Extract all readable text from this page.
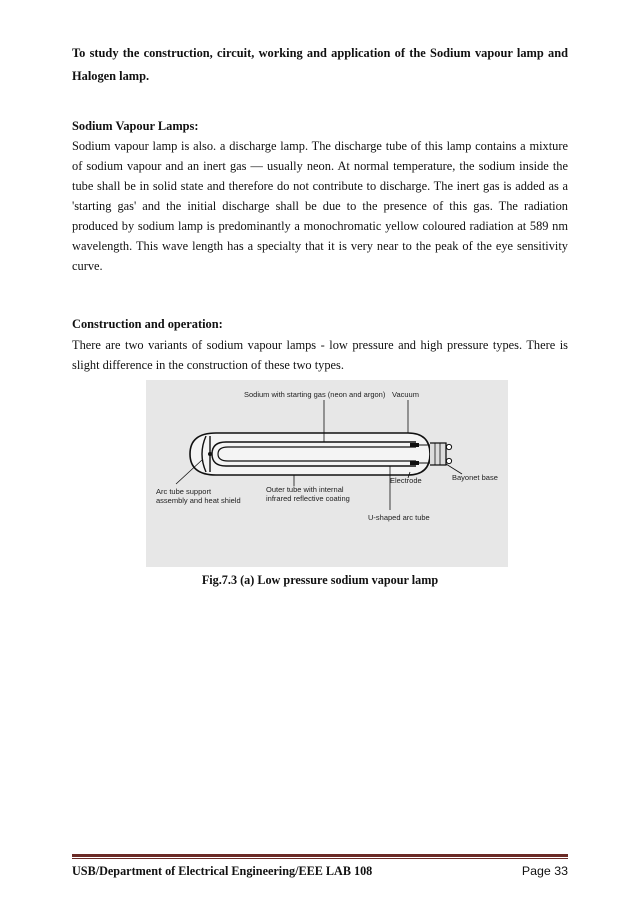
To study the construction, circuit, working and application of the Sodium vapour lamp and

Halogen lamp.

Sodium Vapour Lamps:

Sodium vapour lamp is also. a discharge lamp. The discharge tube of this lamp contains a mixture
of sodium vapour and an inert gas — usually neon. At normal temperature, the sodium inside the
tube shall be in solid state and therefore do not contribute to discharge. The inert gas is added as a
'starting gas' and the initial discharge shall be due to the presence of this gas. The radiation
produced by sodium lamp is predominantly a monochromatic yellow coloured radiation at 589 nm
wavelength. This wave length has a specialty that it is very near to the peak of the eye sensitivity
curve.

Construction and operation:

There are two variants of sodium vapour lamps - low pressure and high pressure types. There is
slight difference in the construction of these two types.
Sodium with starting gas (neon and argon) Vacuum
Electrode	Bayonet base
Arc tube support
assembly and heat shield
Outer tube with internal
infrared reflective coating
U-shaped arc tube
Fig.7.3 (a) Low pressure sodium vapour lamp
USB/Department of Electrical Engineering/EEE LAB 108	Page 33
